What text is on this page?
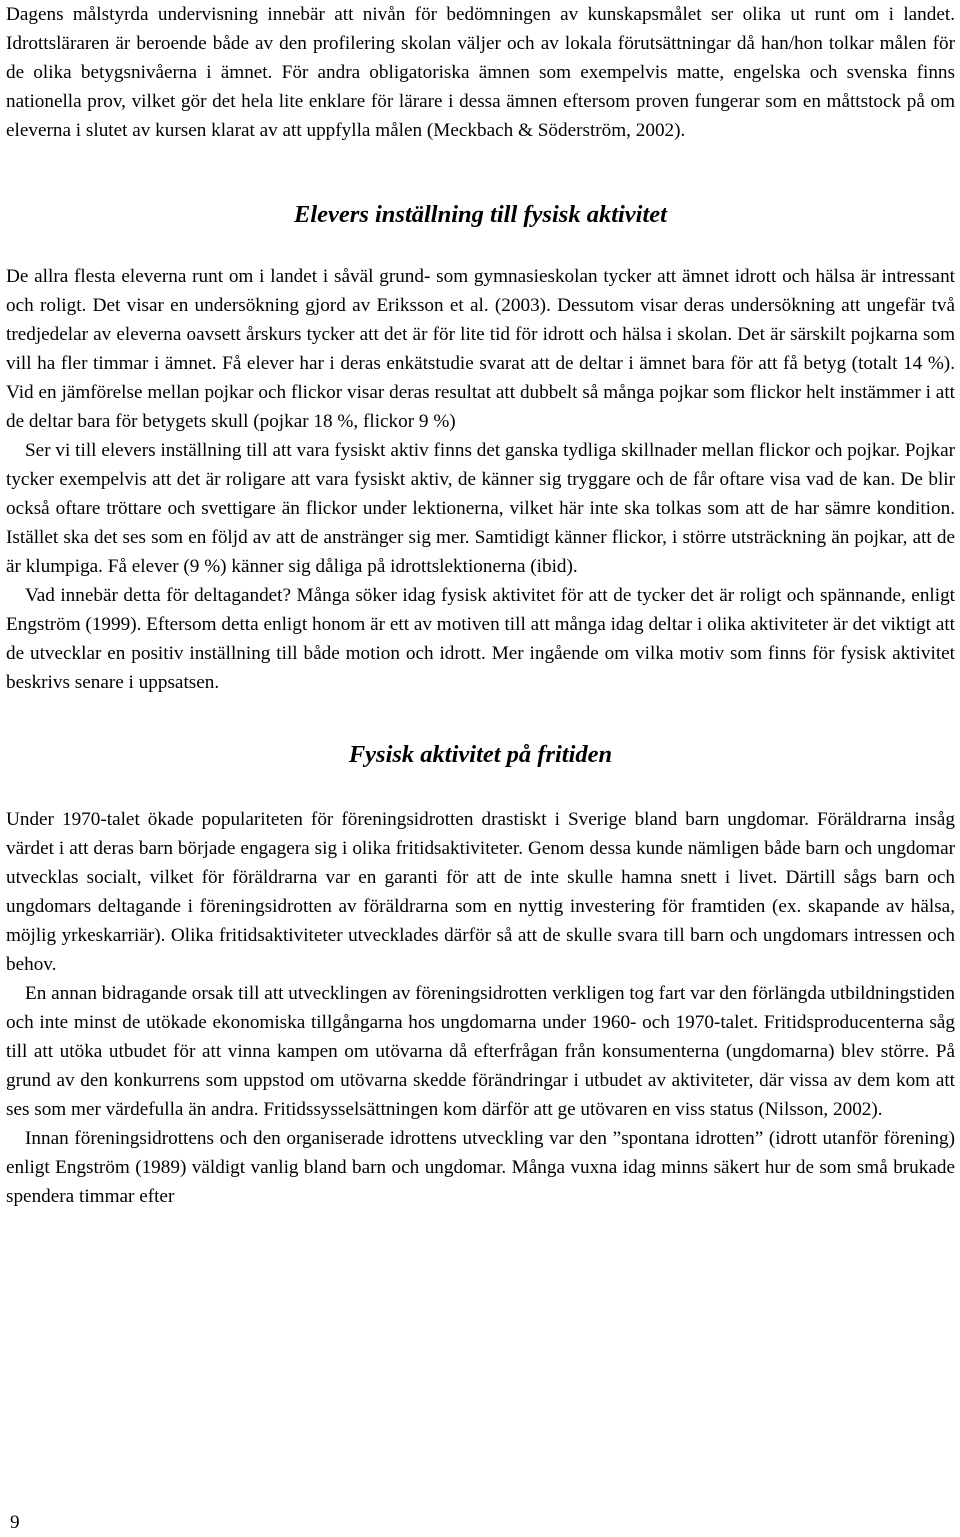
Dagens målstyrda undervisning innebär att nivån för bedömningen av kunskapsmålet ser olika ut runt om i landet. Idrottsläraren är beroende både av den profilering skolan väljer och av lokala förutsättningar då han/hon tolkar målen för de olika betygsnivåerna i ämnet. För andra obligatoriska ämnen som exempelvis matte, engelska och svenska finns nationella prov, vilket gör det hela lite enklare för lärare i dessa ämnen eftersom proven fungerar som en måttstock på om eleverna i slutet av kursen klarat av att uppfylla målen (Meckbach & Söderström, 2002).

Elevers inställning till fysisk aktivitet

De allra flesta eleverna runt om i landet i såväl grund- som gymnasieskolan tycker att ämnet idrott och hälsa är intressant och roligt. Det visar en undersökning gjord av Eriksson et al. (2003). Dessutom visar deras undersökning att ungefär två tredjedelar av eleverna oavsett årskurs tycker att det är för lite tid för idrott och hälsa i skolan. Det är särskilt pojkarna som vill ha fler timmar i ämnet. Få elever har i deras enkätstudie svarat att de deltar i ämnet bara för att få betyg (totalt 14 %). Vid en jämförelse mellan pojkar och flickor visar deras resultat att dubbelt så många pojkar som flickor helt instämmer i att de deltar bara för betygets skull (pojkar 18 %, flickor 9 %)

Ser vi till elevers inställning till att vara fysiskt aktiv finns det ganska tydliga skillnader mellan flickor och pojkar. Pojkar tycker exempelvis att det är roligare att vara fysiskt aktiv, de känner sig tryggare och de får oftare visa vad de kan. De blir också oftare tröttare och svettigare än flickor under lektionerna, vilket här inte ska tolkas som att de har sämre kondition. Istället ska det ses som en följd av att de anstränger sig mer. Samtidigt känner flickor, i större utsträckning än pojkar, att de är klumpiga. Få elever (9 %) känner sig dåliga på idrottslektionerna (ibid).

Vad innebär detta för deltagandet? Många söker idag fysisk aktivitet för att de tycker det är roligt och spännande, enligt Engström (1999). Eftersom detta enligt honom är ett av motiven till att många idag deltar i olika aktiviteter är det viktigt att de utvecklar en positiv inställning till både motion och idrott. Mer ingående om vilka motiv som finns för fysisk aktivitet beskrivs senare i uppsatsen.

Fysisk aktivitet på fritiden

Under 1970-talet ökade populariteten för föreningsidrotten drastiskt i Sverige bland barn ungdomar. Föräldrarna insåg värdet i att deras barn började engagera sig i olika fritidsaktiviteter. Genom dessa kunde nämligen både barn och ungdomar utvecklas socialt, vilket för föräldrarna var en garanti för att de inte skulle hamna snett i livet. Därtill sågs barn och ungdomars deltagande i föreningsidrotten av föräldrarna som en nyttig investering för framtiden (ex. skapande av hälsa, möjlig yrkeskarriär). Olika fritidsaktiviteter utvecklades därför så att de skulle svara till barn och ungdomars intressen och behov.

En annan bidragande orsak till att utvecklingen av föreningsidrotten verkligen tog fart var den förlängda utbildningstiden och inte minst de utökade ekonomiska tillgångarna hos ungdomarna under 1960- och 1970-talet. Fritidsproducenterna såg till att utöka utbudet för att vinna kampen om utövarna då efterfrågan från konsumenterna (ungdomarna) blev större. På grund av den konkurrens som uppstod om utövarna skedde förändringar i utbudet av aktiviteter, där vissa av dem kom att ses som mer värdefulla än andra. Fritidssysselsättningen kom därför att ge utövaren en viss status (Nilsson, 2002).

Innan föreningsidrottens och den organiserade idrottens utveckling var den ”spontana idrotten” (idrott utanför förening) enligt Engström (1989) väldigt vanlig bland barn och ungdomar. Många vuxna idag minns säkert hur de som små brukade spendera timmar efter

9
